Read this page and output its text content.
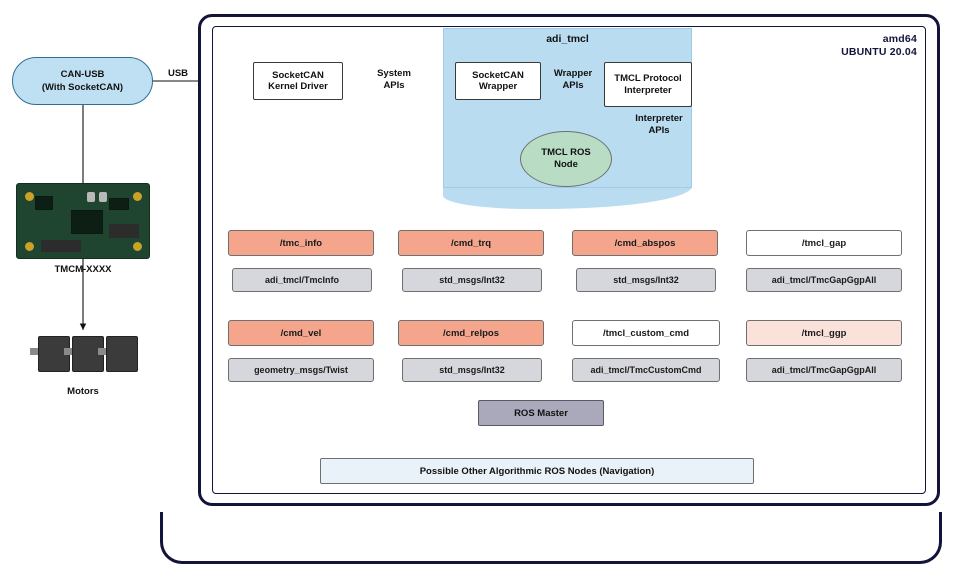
CAN-USB
(With SocketCAN)
TMCM-XXXX
Motors
amd64
UBUNTU 20.04
adi_tmcl
SocketCAN
Kernel Driver
SocketCAN
Wrapper
TMCL Protocol
Interpreter
USB	System
APIs
Wrapper
APIs
Interpreter
APIs
TMCL ROS
Node
/tmc_info
adi_tmcl/TmcInfo
/cmd_trq
std_msgs/Int32
/cmd_abspos
std_msgs/Int32
/tmcl_gap
adi_tmcl/TmcGapGgpAll
/cmd_vel
geometry_msgs/Twist
/cmd_relpos
std_msgs/Int32
/tmcl_custom_cmd
adi_tmcl/TmcCustomCmd
/tmcl_ggp
adi_tmcl/TmcGapGgpAll
ROS Master
Possible Other Algorithmic ROS Nodes (Navigation)
